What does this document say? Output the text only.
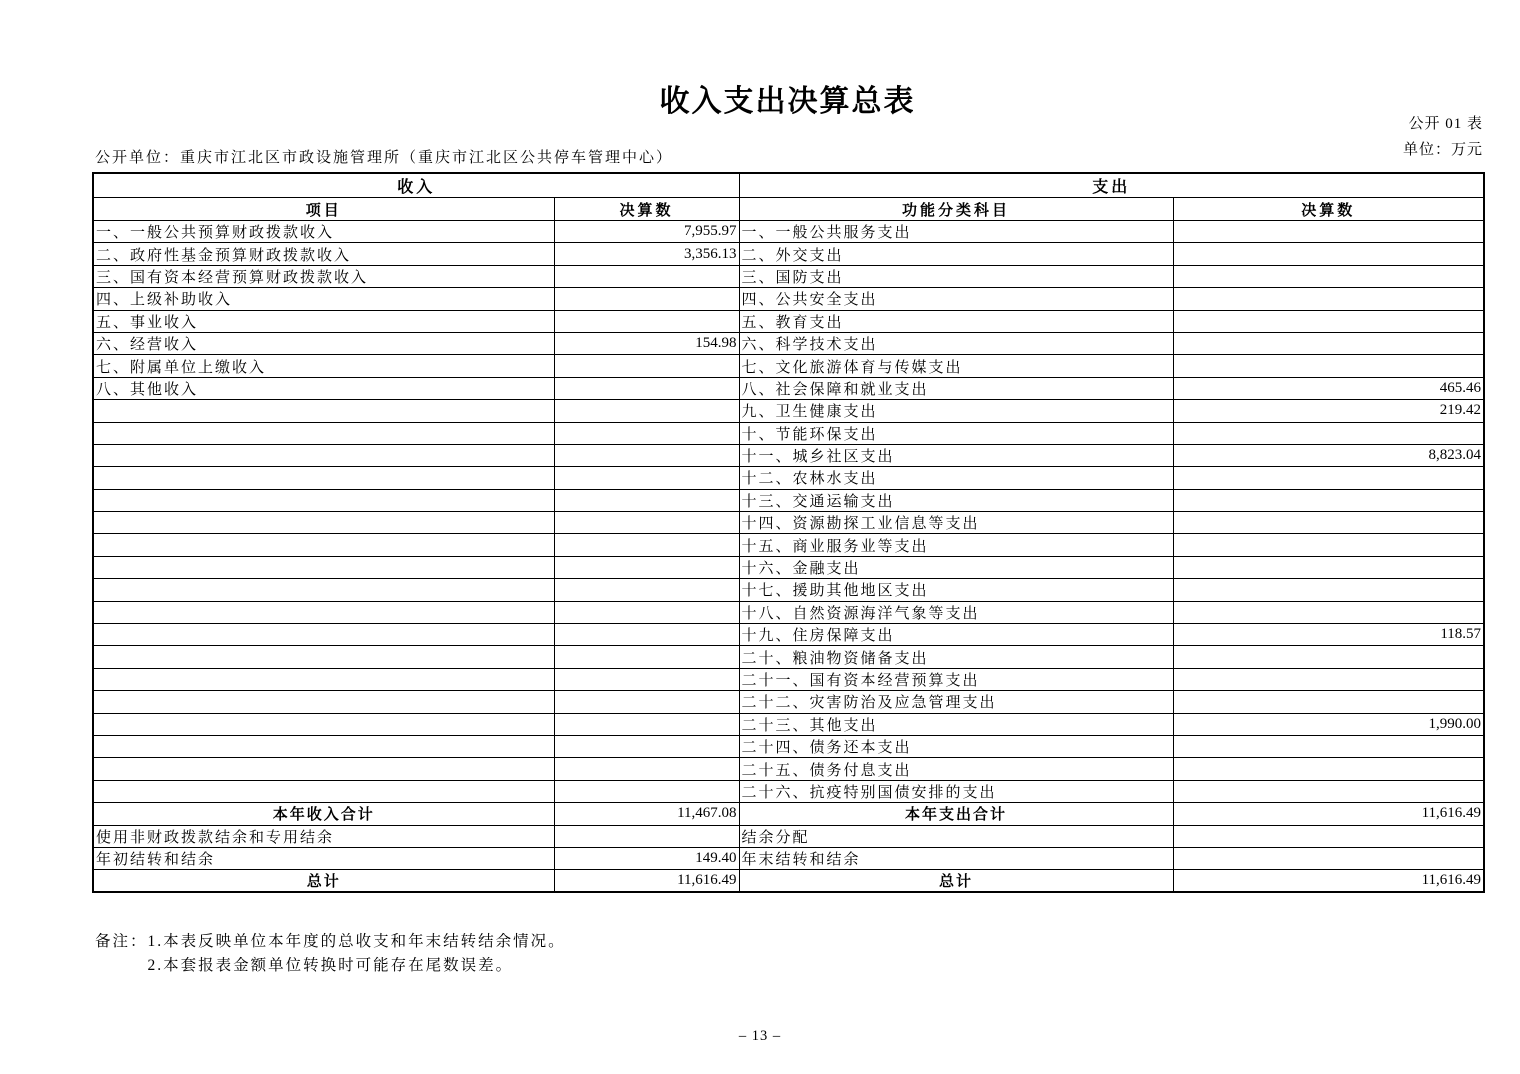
收入支出决算总表
公开 01 表
单位：万元
公开单位：重庆市江北区市政设施管理所（重庆市江北区公共停车管理中心）
收入		支出	
项目	决算数	功能分类科目	决算数
一、一般公共预算财政拨款收入	7,955.97	一、一般公共服务支出	
二、政府性基金预算财政拨款收入	3,356.13	二、外交支出	
三、国有资本经营预算财政拨款收入		三、国防支出	
四、上级补助收入		四、公共安全支出	
五、事业收入		五、教育支出	
六、经营收入	154.98	六、科学技术支出	
七、附属单位上缴收入		七、文化旅游体育与传媒支出	
八、其他收入		八、社会保障和就业支出	465.46
		九、卫生健康支出	219.42
		十、节能环保支出	
		十一、城乡社区支出	8,823.04
		十二、农林水支出	
		十三、交通运输支出	
		十四、资源勘探工业信息等支出	
		十五、商业服务业等支出	
		十六、金融支出	
		十七、援助其他地区支出	
		十八、自然资源海洋气象等支出	
		十九、住房保障支出	118.57
		二十、粮油物资储备支出	
		二十一、国有资本经营预算支出	
		二十二、灾害防治及应急管理支出	
		二十三、其他支出	1,990.00
		二十四、债务还本支出	
		二十五、债务付息支出	
		二十六、抗疫特别国债安排的支出	
本年收入合计	11,467.08	本年支出合计	11,616.49
使用非财政拨款结余和专用结余		结余分配	
年初结转和结余	149.40	年末结转和结余	
总计	11,616.49	总计	11,616.49
备注： 1.本表反映单位本年度的总收支和年末结转结余情况。
2.本套报表金额单位转换时可能存在尾数误差。
– 13 –
